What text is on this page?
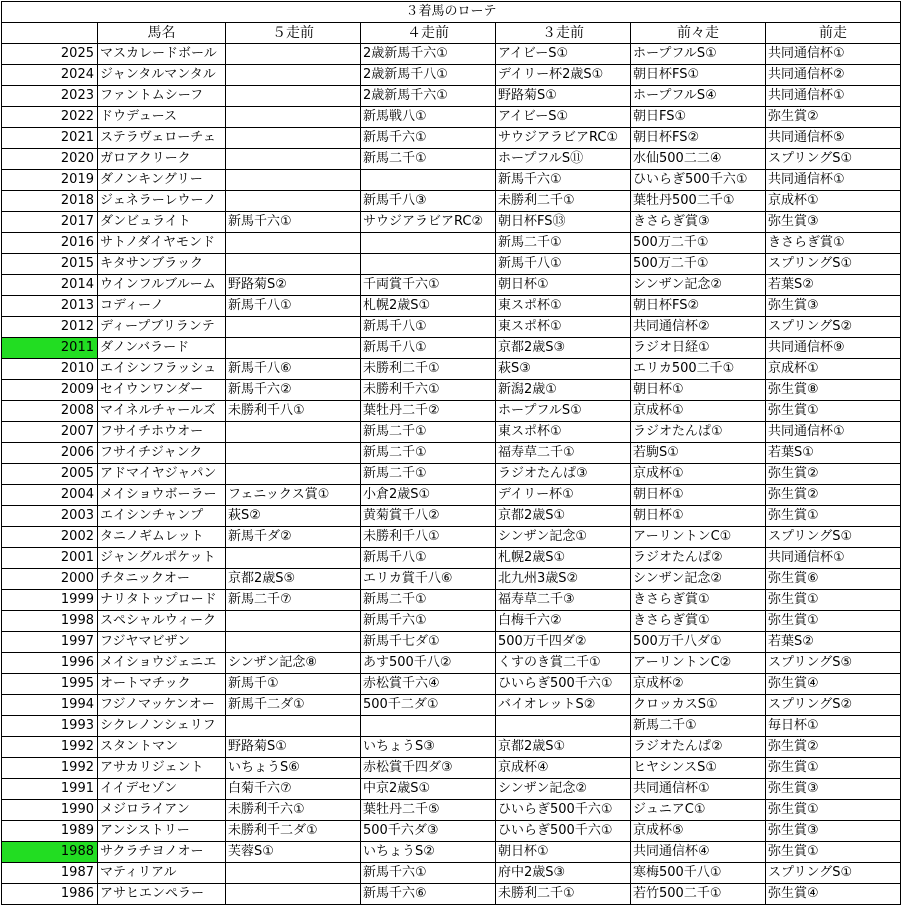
３着馬のローテ						
	馬名	５走前	４走前	３走前	前々走	前走
2025	マスカレードボール		2歳新馬千六①	アイビーS①	ホープフルS①	共同通信杯①
2024	ジャンタルマンタル		2歳新馬千八①	デイリー杯2歳S①	朝日杯FS①	共同通信杯②
2023	ファントムシーフ		2歳新馬千六①	野路菊S①	ホープフルS④	共同通信杯①
2022	ドウデュース		新馬戦八①	アイビーS①	朝日FS①	弥生賞②
2021	ステラヴェローチェ		新馬千六①	サウジアラビアRC①	朝日杯FS②	共同通信杯⑤
2020	ガロアクリーク		新馬二千①	ホープフルS⑪	水仙500二二④	スプリングS①
2019	ダノンキングリー			新馬千六①	ひいらぎ500千六①	共同通信杯①
2018	ジェネラーレウーノ		新馬千八③	未勝利二千①	葉牡丹500二千①	京成杯①
2017	ダンビュライト	新馬千六①	サウジアラビアRC②	朝日杯FS⑬	きさらぎ賞③	弥生賞③
2016	サトノダイヤモンド			新馬二千①	500万二千①	きさらぎ賞①
2015	キタサンブラック			新馬千八①	500万二千①	スプリングS①
2014	ウインフルブルーム	野路菊S②	千両賞千六①	朝日杯①	シンザン記念②	若葉S②
2013	コディーノ	新馬千八①	札幌2歳S①	東スポ杯①	朝日杯FS②	弥生賞③
2012	ディープブリランテ		新馬千八①	東スポ杯①	共同通信杯②	スプリングS②
2011	ダノンバラード		新馬千八①	京都2歳S③	ラジオ日経①	共同通信杯⑨
2010	エイシンフラッシュ	新馬千八⑥	未勝利二千①	萩S③	エリカ500二千①	京成杯①
2009	セイウンワンダー	新馬千六②	未勝利千六①	新潟2歳①	朝日杯①	弥生賞⑧
2008	マイネルチャールズ	未勝利千八①	葉牡丹二千②	ホープフルS①	京成杯①	弥生賞①
2007	フサイチホウオー		新馬二千①	東スポ杯①	ラジオたんぱ①	共同通信杯①
2006	フサイチジャンク		新馬二千①	福寿草二千①	若駒S①	若葉S①
2005	アドマイヤジャパン		新馬二千①	ラジオたんぱ③	京成杯①	弥生賞②
2004	メイショウボーラー	フェニックス賞①	小倉2歳S①	デイリー杯①	朝日杯①	弥生賞②
2003	エイシンチャンプ	萩S②	黄菊賞千八②	京都2歳S①	朝日杯①	弥生賞①
2002	タニノギムレット	新馬千ダ②	未勝利千八①	シンザン記念①	アーリントンC①	スプリングS①
2001	ジャングルポケット		新馬千八①	札幌2歳S①	ラジオたんぱ②	共同通信杯①
2000	チタニックオー	京都2歳S⑤	エリカ賞千八⑥	北九州3歳S②	シンザン記念②	弥生賞⑥
1999	ナリタトップロード	新馬二千⑦	新馬二千①	福寿草二千③	きさらぎ賞①	弥生賞①
1998	スペシャルウィーク		新馬千六①	白梅千六②	きさらぎ賞①	弥生賞①
1997	フジヤマビザン		新馬千七ダ①	500万千四ダ②	500万千八ダ①	若葉S②
1996	メイショウジェニエ	シンザン記念⑧	あす500千八②	くすのき賞二千①	アーリントンC②	スプリングS⑤
1995	オートマチック	新馬千①	赤松賞千六④	ひいらぎ500千六①	京成杯②	弥生賞④
1994	フジノマッケンオー	新馬千二ダ①	500千二ダ①	バイオレットS②	クロッカスS①	スプリングS②
1993	シクレノンシェリフ				新馬二千①	毎日杯①
1992	スタントマン	野路菊S①	いちょうS③	京都2歳S①	ラジオたんぱ②	弥生賞②
1992	アサカリジェント	いちょうS⑥	赤松賞千四ダ③	京成杯④	ヒヤシンスS①	弥生賞①
1991	イイデセゾン	白菊千六⑦	中京2歳S①	シンザン記念②	共同通信杯①	弥生賞③
1990	メジロライアン	未勝利千六①	葉牡丹二千⑤	ひいらぎ500千六①	ジュニアC①	弥生賞①
1989	アンシストリー	未勝利千二ダ①	500千六ダ③	ひいらぎ500千六①	京成杯⑤	弥生賞③
1988	サクラチヨノオー	芙蓉S①	いちょうS②	朝日杯①	共同通信杯④	弥生賞①
1987	マティリアル		新馬千六①	府中2歳S③	寒梅500千八①	スプリングS①
1986	アサヒエンペラー		新馬千六⑥	未勝利二千①	若竹500二千①	弥生賞④
